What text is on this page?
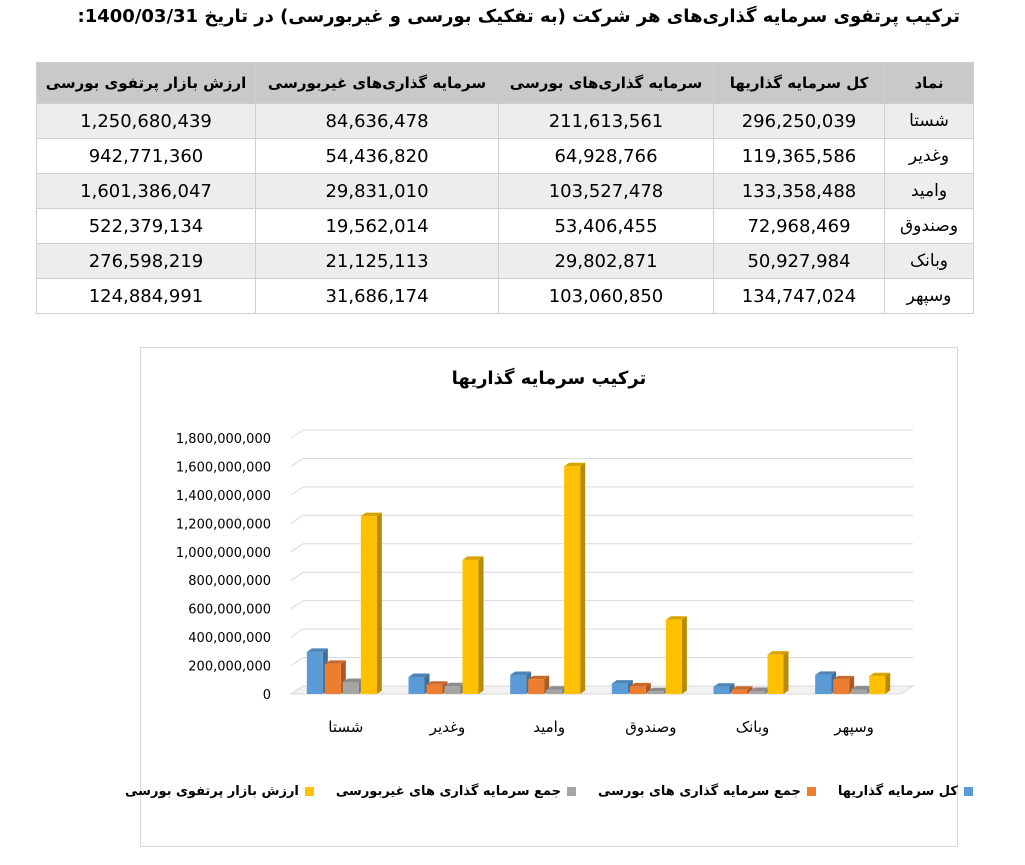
ترکیب پرتفوی سرمایه گذاری‌های هر شرکت (به تفکیک بورسی و غیربورسی) در تاریخ 1400/03/31:
نماد	کل سرمایه گذاریها	سرمایه گذاری‌های بورسی	سرمایه گذاری‌های غیربورسی	ارزش بازار پرتفوی بورسی
شستا	296,250,039	211,613,561	84,636,478	1,250,680,439
وغدیر	119,365,586	64,928,766	54,436,820	942,771,360
وامید	133,358,488	103,527,478	29,831,010	1,601,386,047
وصندوق	72,968,469	53,406,455	19,562,014	522,379,134
وبانک	50,927,984	29,802,871	21,125,113	276,598,219
وسپهر	134,747,024	103,060,850	31,686,174	124,884,991
ترکیب سرمایه گذاریها
0
200,000,000
400,000,000
600,000,000
800,000,000
1,000,000,000
1,200,000,000
1,400,000,000
1,600,000,000
1,800,000,000
شستا	وغدیر	وامید	وصندوق	وبانک	وسپهر
کل سرمایه گذاریها
جمع سرمایه گذاری های بورسی
جمع سرمایه گذاری های غیربورسی
ارزش بازار پرتفوی بورسی
